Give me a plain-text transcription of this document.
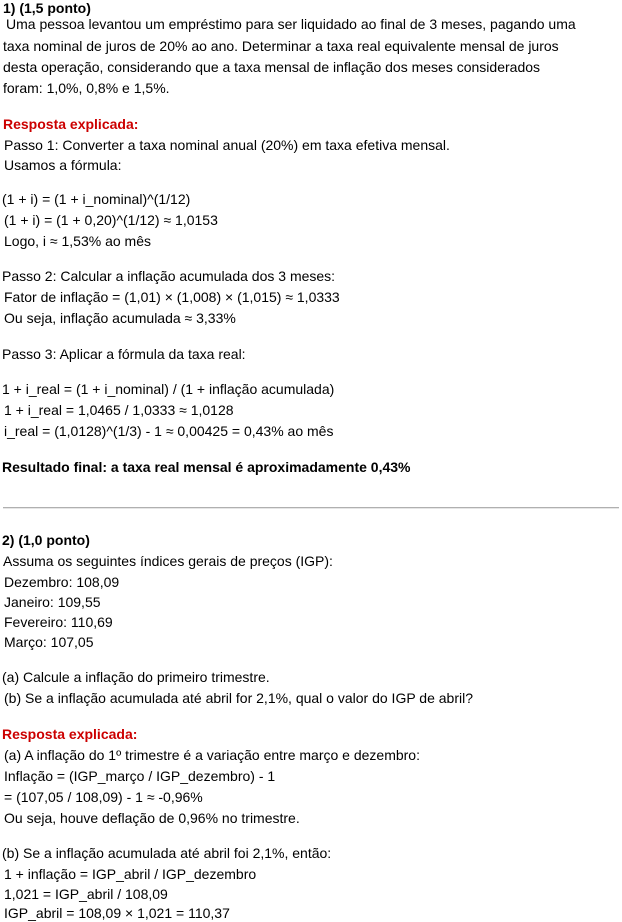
1) (1,5 ponto)
Uma pessoa levantou um empréstimo para ser liquidado ao final de 3 meses, pagando uma
taxa nominal de juros de 20% ao ano. Determinar a taxa real equivalente mensal de juros
desta operação, considerando que a taxa mensal de inflação dos meses considerados
foram: 1,0%, 0,8% e 1,5%.
Resposta explicada:
Passo 1: Converter a taxa nominal anual (20%) em taxa efetiva mensal.
Usamos a fórmula:
(1 + i) = (1 + i_nominal)^(1/12)
(1 + i) = (1 + 0,20)^(1/12) ≈ 1,0153
Logo, i ≈ 1,53% ao mês
Passo 2: Calcular a inflação acumulada dos 3 meses:
Fator de inflação = (1,01) × (1,008) × (1,015) ≈ 1,0333
Ou seja, inflação acumulada ≈ 3,33%
Passo 3: Aplicar a fórmula da taxa real:
1 + i_real = (1 + i_nominal) / (1 + inflação acumulada)
1 + i_real = 1,0465 / 1,0333 ≈ 1,0128
i_real = (1,0128)^(1/3) - 1 ≈ 0,00425 = 0,43% ao mês
Resultado final: a taxa real mensal é aproximadamente 0,43%
2) (1,0 ponto)
Assuma os seguintes índices gerais de preços (IGP):
Dezembro: 108,09
Janeiro: 109,55
Fevereiro: 110,69
Março: 107,05
(a) Calcule a inflação do primeiro trimestre.
(b) Se a inflação acumulada até abril for 2,1%, qual o valor do IGP de abril?
Resposta explicada:
(a) A inflação do 1º trimestre é a variação entre março e dezembro:
Inflação = (IGP_março / IGP_dezembro) - 1
= (107,05 / 108,09) - 1 ≈ -0,96%
Ou seja, houve deflação de 0,96% no trimestre.
(b) Se a inflação acumulada até abril foi 2,1%, então:
1 + inflação = IGP_abril / IGP_dezembro
1,021 = IGP_abril / 108,09
IGP_abril = 108,09 × 1,021 = 110,37
